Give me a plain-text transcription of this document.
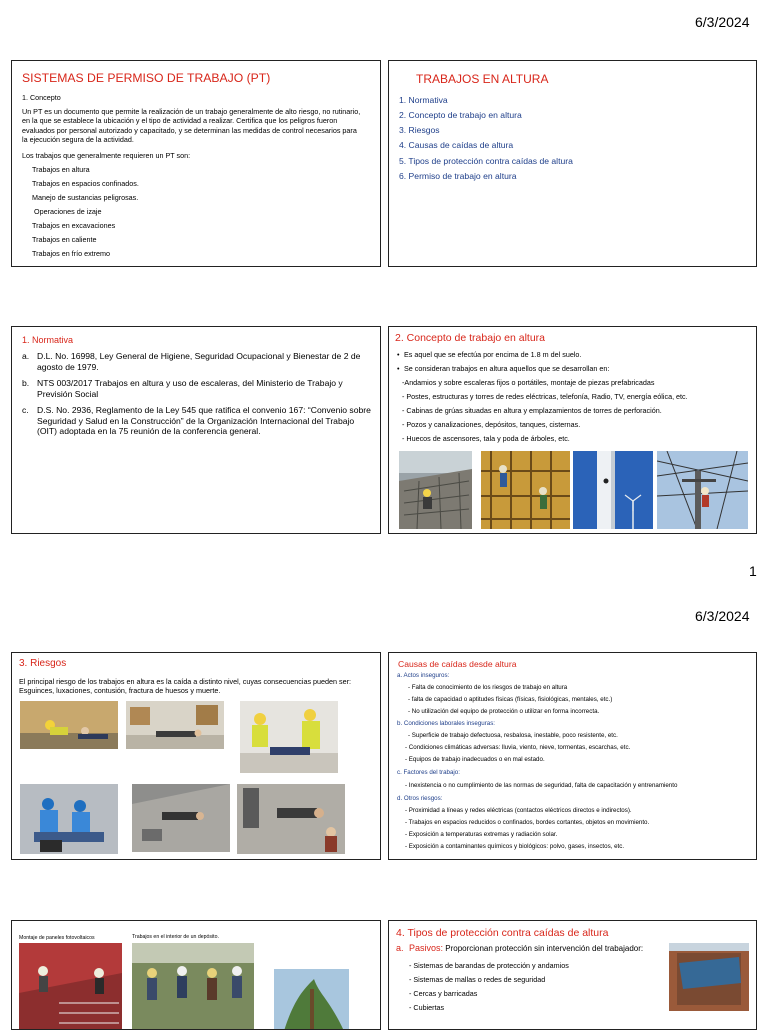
6/3/2024
SISTEMAS DE PERMISO DE TRABAJO (PT)
1. Concepto
Un PT es un documento que permite la realización de un trabajo generalmente de alto riesgo, no rutinario, en la que se establece la ubicación y el tipo de actividad a realizar. Certifica que los peligros fueron evaluados por personal autorizado y capacitado, y se determinan las medidas de control necesarios para la ejecución segura de la actividad.
Los trabajos que generalmente requieren un PT son:
Trabajos en altura
Trabajos en espacios confinados.
Manejo de sustancias peligrosas.
Operaciones de izaje
Trabajos en excavaciones
Trabajos en caliente
Trabajos en frío extremo
TRABAJOS EN ALTURA
1. Normativa
2. Concepto de trabajo en altura
3. Riesgos
4. Causas de caídas de altura
5. Tipos de protección contra caídas de altura
6. Permiso de trabajo en altura
1. Normativa
a. D.L. No. 16998, Ley General de Higiene, Seguridad Ocupacional y Bienestar de 2 de agosto de 1979.
b. NTS 003/2017 Trabajos en altura y uso de escaleras, del Ministerio de Trabajo y Previsión Social
c. D.S. No. 2936, Reglamento de la Ley 545 que ratifica el convenio 167: “Convenio sobre Seguridad y Salud en la Construcción” de la Organización Internacional del Trabajo (OIT) adoptada en la 75 reunión de la conferencia general.
2. Concepto de trabajo en altura
• Es aquel que se efectúa por encima de 1.8 m del suelo.
• Se consideran trabajos en altura aquellos que se desarrollan en:
-Andamios y sobre escaleras fijos o portátiles, montaje de piezas prefabricadas
- Postes, estructuras y torres de redes eléctricas, telefonía, Radio, TV, energía eólica, etc.
- Cabinas de grúas situadas en altura y emplazamientos de torres de perforación.
- Pozos y canalizaciones, depósitos, tanques, cisternas.
- Huecos de ascensores, tala y poda de árboles, etc.
1
6/3/2024
3. Riesgos
El principal riesgo de los trabajos en altura es la caída a distinto nivel, cuyas consecuencias pueden ser: Esguinces, luxaciones, contusión, fractura de huesos y muerte.
Causas de caídas desde altura
a. Actos inseguros:
- Falta de conocimiento de los riesgos de trabajo en altura
- falta de capacidad o aptitudes físicas (físicas, fisiológicas, mentales, etc.)
- No utilización del equipo de protección o utilizar en forma incorrecta.
b. Condiciones laborales inseguras:
- Superficie de trabajo defectuosa, resbalosa, inestable, poco resistente, etc.
- Condiciones climáticas adversas: lluvia, viento, nieve, tormentas, escarchas, etc.
- Equipos de trabajo inadecuados o en mal estado.
c. Factores del trabajo:
- Inexistencia o no cumplimiento de las normas de seguridad, falta de capacitación y entrenamiento
d. Otros riesgos:
- Proximidad a líneas y redes eléctricas (contactos eléctricos directos e indirectos).
- Trabajos en espacios reducidos o confinados, bordes cortantes, objetos en movimiento.
- Exposición a temperaturas extremas y radiación solar.
- Exposición a contaminantes químicos y biológicos: polvo, gases, insectos, etc.
Montaje de paneles fotovoltaicos	Trabajos en el interior de un depósito.	4. Tipos de protección contra caídas de altura
a. Pasivos: Proporcionan protección sin intervención del trabajador:
- Sistemas de barandas de protección y andamios
- Sistemas de mallas o redes de seguridad
- Cercas y barricadas
- Cubiertas
